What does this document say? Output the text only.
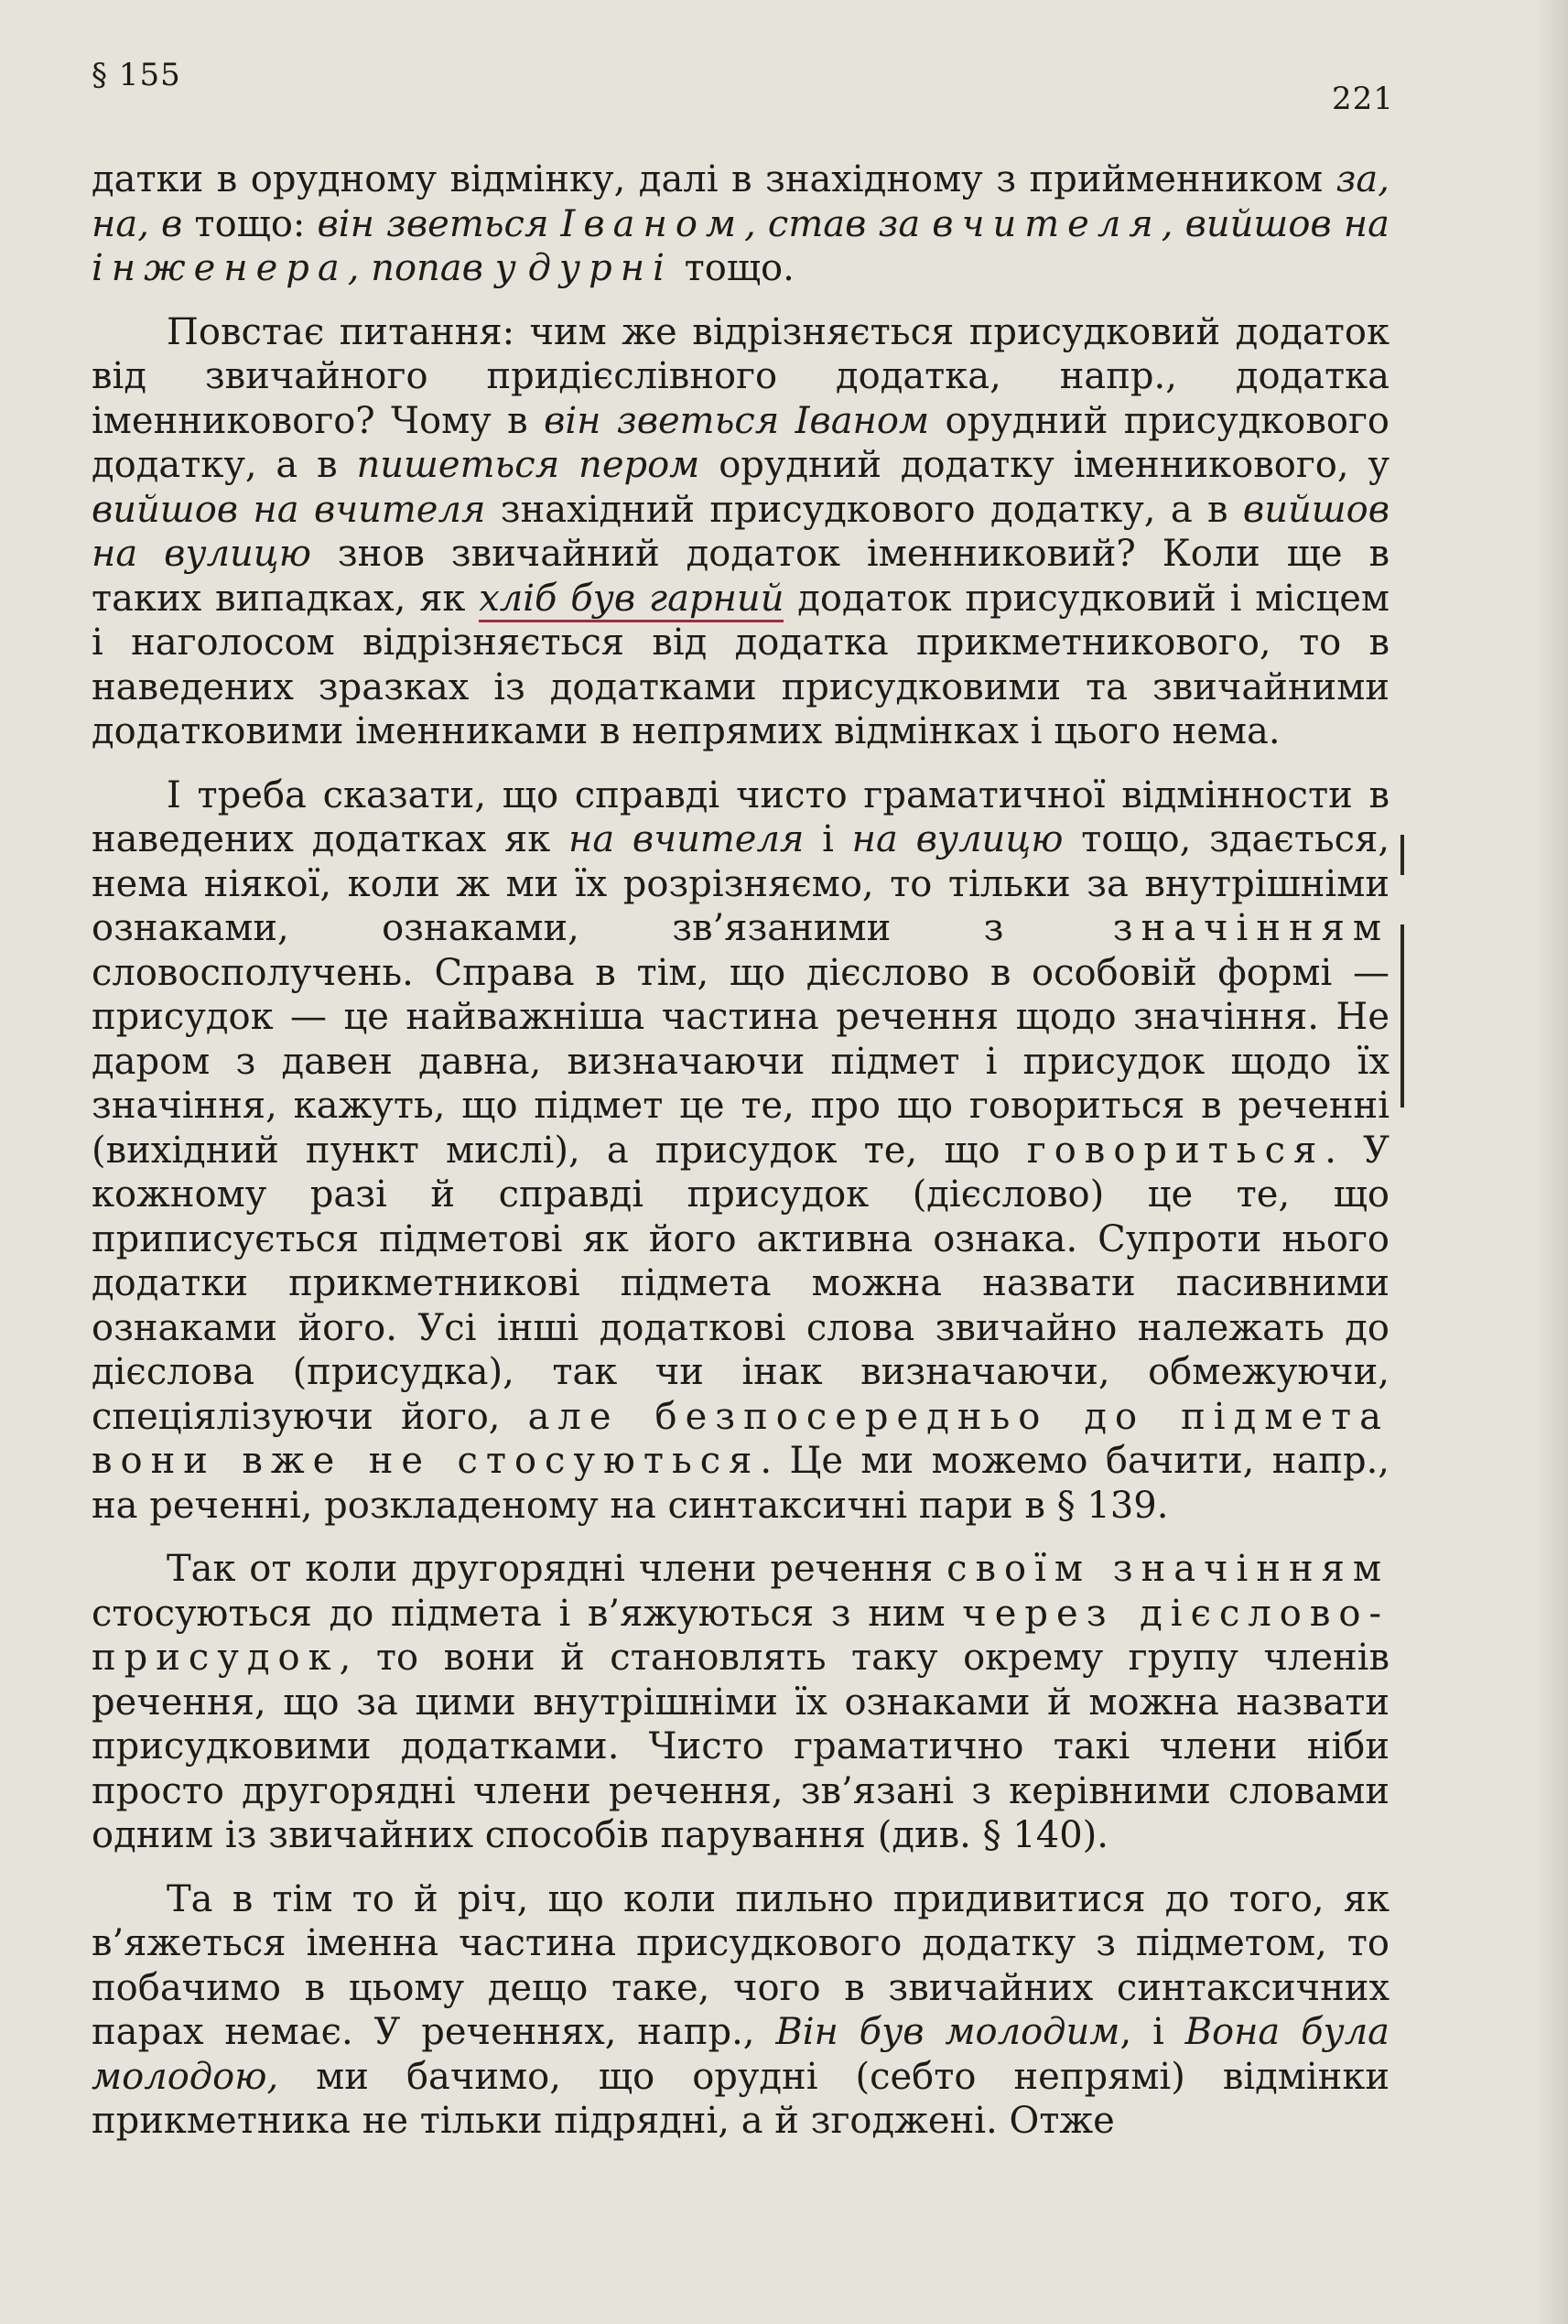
§ 155
221

датки в орудному відмінку, далі в знахідному з прийменником за, на, в тощо: він зветься Іваном, став за вчителя, вийшов на інженера, попав у дурні тощо.

Повстає питання: чим же відрізняється присудковий додаток від звичайного придієслівного додатка, напр., додатка іменникового? Чому в він зветься Іваном орудний присудкового додатку, а в пишеться пером орудний додатку іменникового, у вийшов на вчителя знахідний присудкового додатку, а в вийшов на вулицю знов звичайний додаток іменниковий? Коли ще в таких випадках, як хліб був гарний додаток присудковий і місцем і наголосом відрізняється від додатка прикметникового, то в наведених зразках із додатками присудковими та звичайними додатковими іменниками в непрямих відмінках і цього нема.

І треба сказати, що справді чисто граматичної відмінности в наведених додатках як на вчителя і на вулицю тощо, здається, нема ніякої, коли ж ми їх розрізняємо, то тільки за внутрішніми ознаками, ознаками, зв’язаними з значінням словосполучень. Справа в тім, що дієслово в особовій формі — присудок — це найважніша частина речення щодо значіння. Не даром з давен давна, визначаючи підмет і присудок щодо їх значіння, кажуть, що підмет це те, про що говориться в реченні (вихідний пункт мислі), а присудок те, що говориться. У кожному разі й справді присудок (дієслово) це те, що приписується підметові як його активна ознака. Супроти нього додатки прикметникові підмета можна назвати пасивними ознаками його. Усі інші додаткові слова звичайно належать до дієслова (присудка), так чи інак визначаючи, обмежуючи, спеціялізуючи його, але безпосередньо до підмета вони вже не стосуються. Це ми можемо бачити, напр., на реченні, розкладеному на синтаксичні пари в § 139.

Так от коли другорядні члени речення своїм значінням стосуються до підмета і в’яжуються з ним через дієслово-присудок, то вони й становлять таку окрему групу членів речення, що за цими внутрішніми їх ознаками й можна назвати присудковими додатками. Чисто граматично такі члени ніби просто другорядні члени речення, зв’язані з керівними словами одним із звичайних способів парування (див. § 140).

Та в тім то й річ, що коли пильно придивитися до того, як в’яжеться іменна частина присудкового додатку з підметом, то побачимо в цьому дещо таке, чого в звичайних синтаксичних парах немає. У реченнях, напр., Він був молодим, і Вона була молодою, ми бачимо, що орудні (себто непрямі) відмінки прикметника не тільки підрядні, а й згоджені. Отже
